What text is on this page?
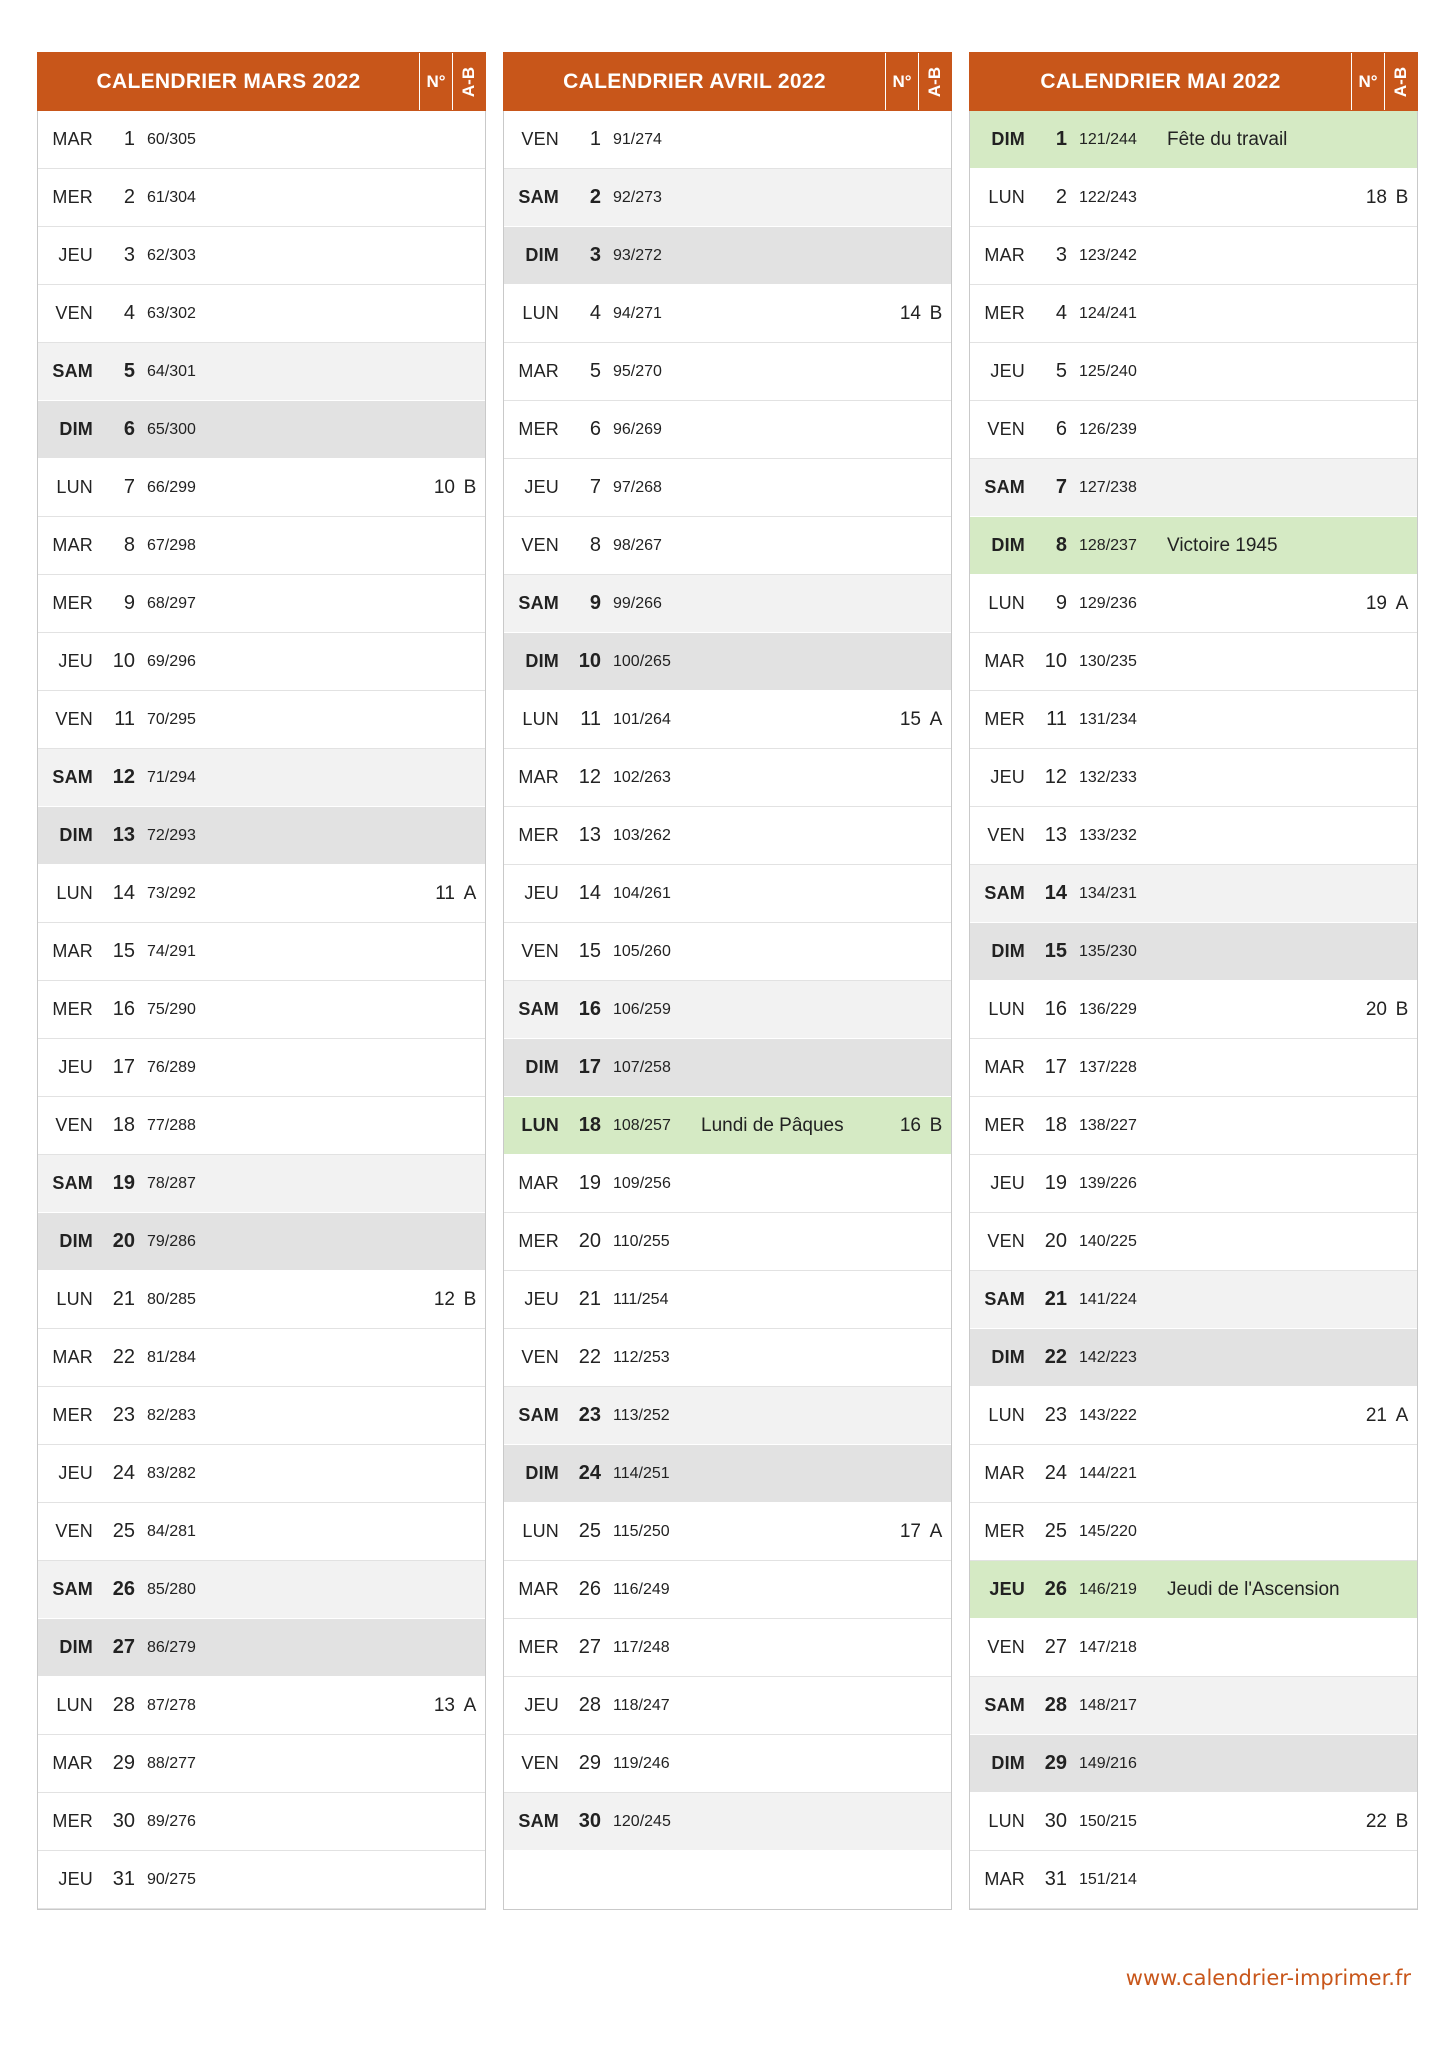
CALENDRIER MARS 2022	N° A-B
MAR	1 60/305
MER	2 61/304
JEU	3 62/303
VEN	4 63/302
SAM	5 64/301
DIM	6 65/300
LUN	7 66/299	10 B
MAR	8 67/298
MER	9 68/297
JEU 10 69/296
VEN	11 70/295
SAM 12 71/294
DIM 13 72/293
LUN 14 73/292	11 A
MAR 15 74/291
MER 16 75/290
JEU 17 76/289
VEN 18 77/288
SAM 19 78/287
DIM 20 79/286
LUN 21 80/285	12 B
MAR 22 81/284
MER 23 82/283
JEU 24 83/282
VEN 25 84/281
SAM 26 85/280
DIM 27 86/279
LUN 28 87/278	13 A
MAR 29 88/277
MER 30 89/276
JEU 31 90/275
CALENDRIER AVRIL 2022	N° A-B
VEN	1 91/274
SAM	2 92/273
DIM	3 93/272
LUN	4 94/271	14 B
MAR	5 95/270
MER	6 96/269
JEU	7 97/268
VEN	8 98/267
SAM	9 99/266
DIM 10 100/265
LUN	11 101/264	15 A
MAR 12 102/263
MER 13 103/262
JEU 14 104/261
VEN 15 105/260
SAM 16 106/259
DIM 17 107/258
LUN 18 108/257	Lundi de Pâques	16 B
MAR 19 109/256
MER 20 110/255
JEU 21 111/254
VEN 22 112/253
SAM 23 113/252
DIM 24 114/251
LUN 25 115/250	17 A
MAR 26 116/249
MER 27 117/248
JEU 28 118/247
VEN 29 119/246
SAM 30 120/245
CALENDRIER MAI 2022	N° A-B
DIM	1 121/244	Fête du travail
LUN	2 122/243	18 B
MAR	3 123/242
MER	4 124/241
JEU	5 125/240
VEN	6 126/239
SAM	7 127/238
DIM	8 128/237	Victoire 1945
LUN	9 129/236	19 A
MAR 10 130/235
MER	11 131/234
JEU 12 132/233
VEN 13 133/232
SAM 14 134/231
DIM 15 135/230
LUN 16 136/229	20 B
MAR 17 137/228
MER 18 138/227
JEU 19 139/226
VEN 20 140/225
SAM 21 141/224
DIM 22 142/223
LUN 23 143/222	21 A
MAR 24 144/221
MER 25 145/220
JEU 26 146/219	Jeudi de l'Ascension
VEN 27 147/218
SAM 28 148/217
DIM 29 149/216
LUN 30 150/215	22 B
MAR 31 151/214
www.calendrier-imprimer.fr
